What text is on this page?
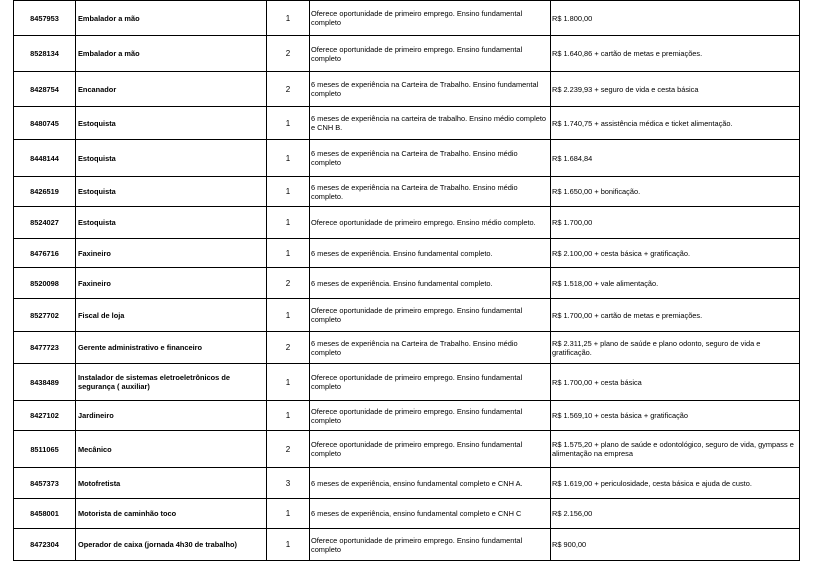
8457953	Embalador a mão	1	Oferece oportunidade de primeiro emprego. Ensino fundamental completo	R$ 1.800,00
8528134	Embalador a mão	2	Oferece oportunidade de primeiro emprego. Ensino fundamental completo	R$ 1.640,86 + cartão de metas e premiações.
8428754	Encanador	2	6 meses de experiência na Carteira de Trabalho. Ensino fundamental completo	R$ 2.239,93 + seguro de vida e cesta básica
8480745	Estoquista	1	6 meses de experiência na carteira de trabalho. Ensino médio completo e CNH B.	R$ 1.740,75 + assistência médica e ticket alimentação.
8448144	Estoquista	1	6 meses de experiência na Carteira de Trabalho. Ensino médio completo	R$ 1.684,84
8426519	Estoquista	1	6 meses de experiência na Carteira de Trabalho. Ensino médio completo.	R$ 1.650,00 + bonificação.
8524027	Estoquista	1	Oferece oportunidade de primeiro emprego. Ensino médio completo.	R$ 1.700,00
8476716	Faxineiro	1	6 meses de experiência. Ensino fundamental completo.	R$ 2.100,00 + cesta básica + gratificação.
8520098	Faxineiro	2	6 meses de experiência. Ensino fundamental completo.	R$ 1.518,00 + vale alimentação.
8527702	Fiscal de loja	1	Oferece oportunidade de primeiro emprego. Ensino fundamental completo	R$ 1.700,00 + cartão de metas e premiações.
8477723	Gerente administrativo e financeiro	2	6 meses de experiência na Carteira de Trabalho. Ensino médio completo	R$ 2.311,25 + plano de saúde e plano odonto, seguro de vida e gratificação.
8438489	Instalador de sistemas eletroeletrônicos de segurança ( auxiliar)	1	Oferece oportunidade de primeiro emprego. Ensino fundamental completo	R$ 1.700,00 + cesta básica
8427102	Jardineiro	1	Oferece oportunidade de primeiro emprego. Ensino fundamental completo	R$ 1.569,10 + cesta básica + gratificação
8511065	Mecânico	2	Oferece oportunidade de primeiro emprego. Ensino fundamental completo	R$ 1.575,20 + plano de saúde e odontológico, seguro de vida, gympass e alimentação na empresa
8457373	Motofretista	3	6 meses de experiência, ensino fundamental completo e CNH A.	R$ 1.619,00 + periculosidade, cesta básica e ajuda de custo.
8458001	Motorista de caminhão toco	1	6 meses de experiência, ensino fundamental completo e CNH C	R$ 2.156,00
8472304	Operador de caixa (jornada 4h30 de trabalho)	1	Oferece oportunidade de primeiro emprego. Ensino fundamental completo	R$ 900,00
